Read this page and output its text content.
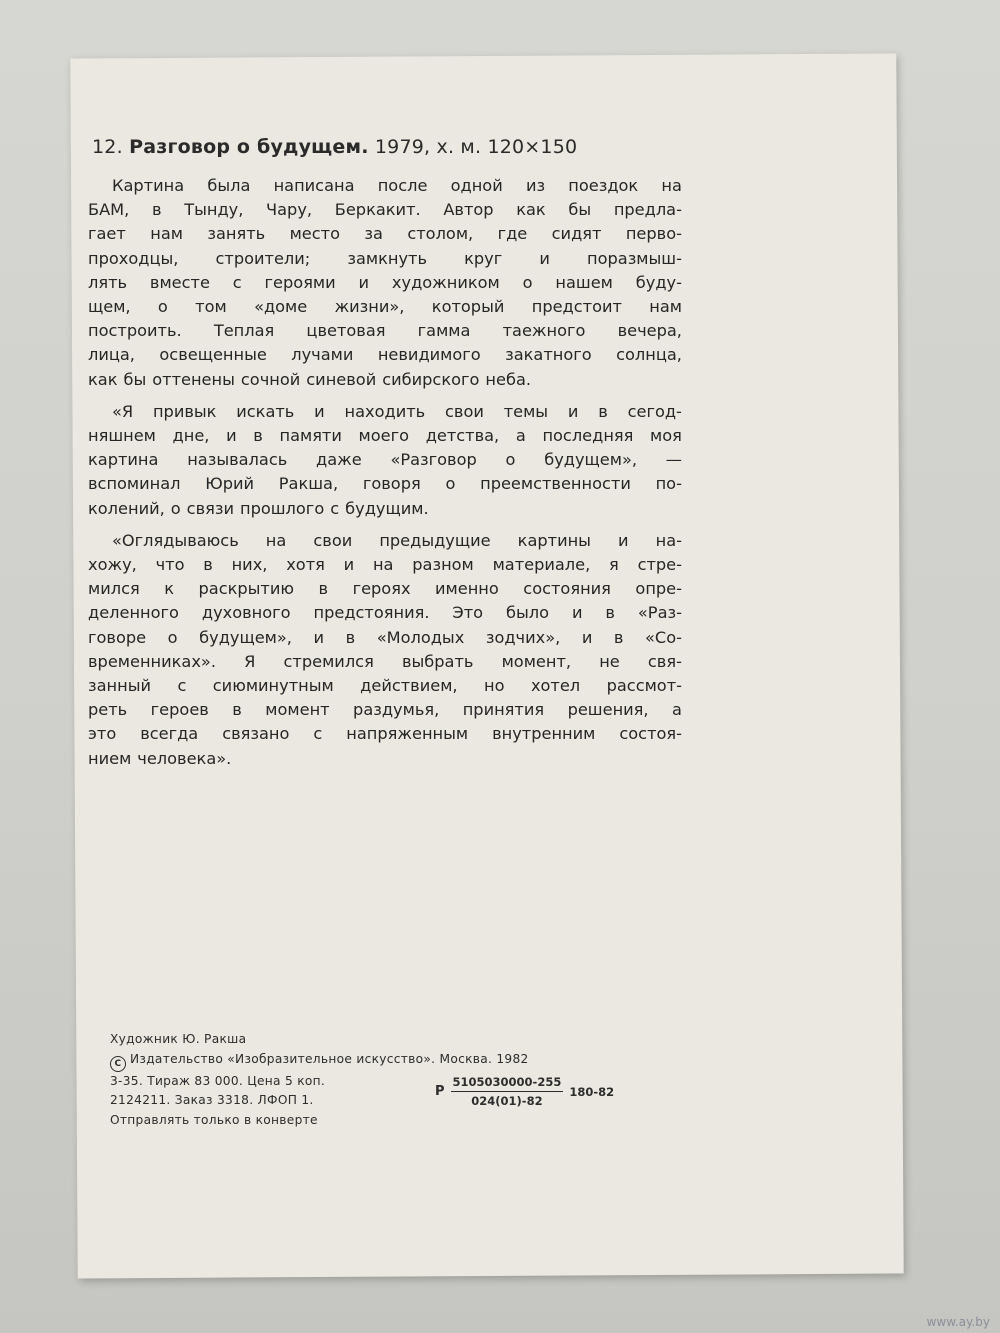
12. Разговор о будущем. 1979, х. м. 120×150
Картина была написана после одной из поездок на
БАМ, в Тынду, Чару, Беркакит. Автор как бы предла-
гает нам занять место за столом, где сидят перво-
проходцы, строители; замкнуть круг и поразмыш-
лять вместе с героями и художником о нашем буду-
щем, о том «доме жизни», который предстоит нам
построить. Теплая цветовая гамма таежного вечера,
лица, освещенные лучами невидимого закатного солнца,
как бы оттенены сочной синевой сибирского неба.
«Я привык искать и находить свои темы и в сегод-
няшнем дне, и в памяти моего детства, а последняя моя
картина называлась даже «Разговор о будущем», —
вспоминал Юрий Ракша, говоря о преемственности по-
колений, о связи прошлого с будущим.
«Оглядываюсь на свои предыдущие картины и на-
хожу, что в них, хотя и на разном материале, я стре-
мился к раскрытию в героях именно состояния опре-
деленного духовного предстояния. Это было и в «Раз-
говоре о будущем», и в «Молодых зодчих», и в «Со-
временниках». Я стремился выбрать момент, не свя-
занный с сиюминутным действием, но хотел рассмот-
реть героев в момент раздумья, принятия решения, а
это всегда связано с напряженным внутренним состоя-
нием человека».
Художник Ю. Ракша
C Издательство «Изобразительное искусство». Москва. 1982
3-35. Тираж 83 000. Цена 5 коп.
2124211. Заказ 3318. ЛФОП 1.
Отправлять только в конверте
Р $\frac{5105030000-255}{024(01)-82} 180-82$
www.ay.by
